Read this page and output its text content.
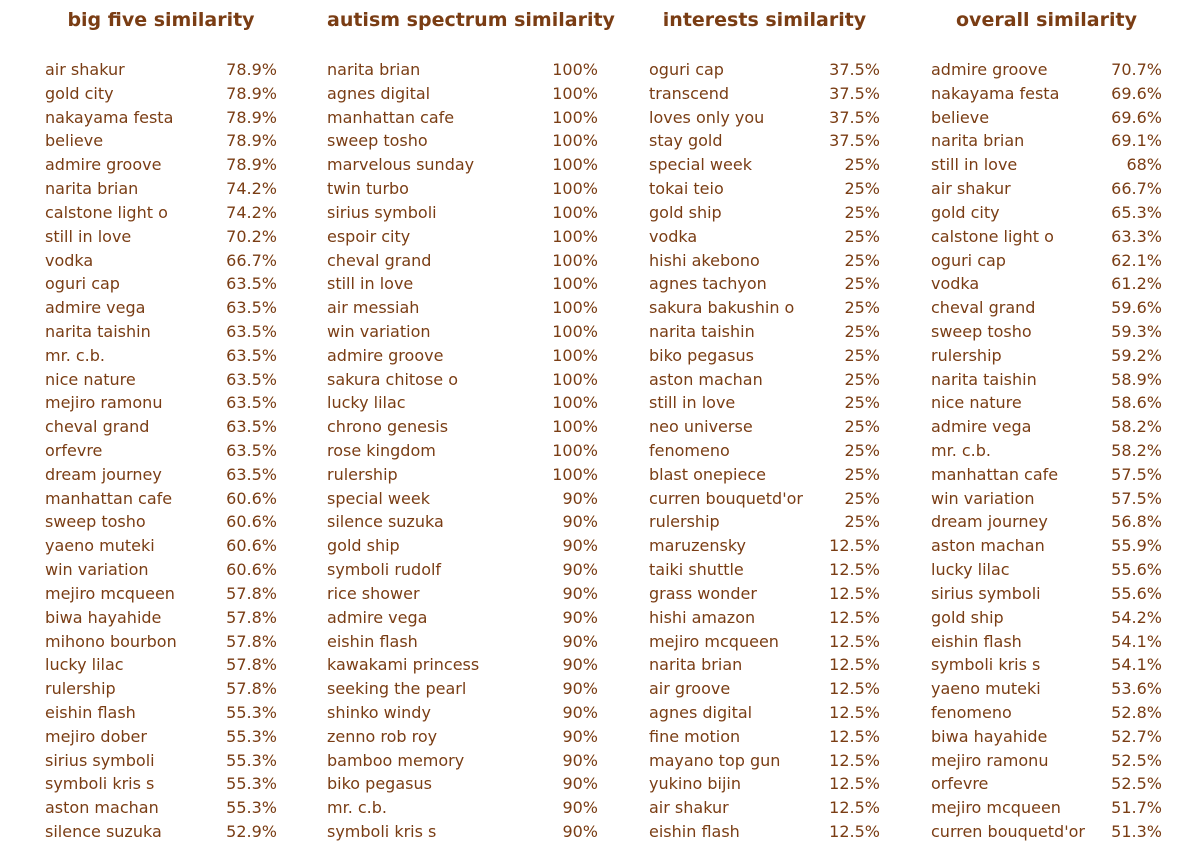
big five similarity
air shakur	78.9%
gold city	78.9%
nakayama festa	78.9%
believe	78.9%
admire groove	78.9%
narita brian	74.2%
calstone light o	74.2%
still in love	70.2%
vodka	66.7%
oguri cap	63.5%
admire vega	63.5%
narita taishin	63.5%
mr. c.b.	63.5%
nice nature	63.5%
mejiro ramonu	63.5%
cheval grand	63.5%
orfevre	63.5%
dream journey	63.5%
manhattan cafe	60.6%
sweep tosho	60.6%
yaeno muteki	60.6%
win variation	60.6%
mejiro mcqueen	57.8%
biwa hayahide	57.8%
mihono bourbon	57.8%
lucky lilac	57.8%
rulership	57.8%
eishin flash	55.3%
mejiro dober	55.3%
sirius symboli	55.3%
symboli kris s	55.3%
aston machan	55.3%
silence suzuka	52.9%
autism spectrum similarity
narita brian	100%
agnes digital	100%
manhattan cafe	100%
sweep tosho	100%
marvelous sunday	100%
twin turbo	100%
sirius symboli	100%
espoir city	100%
cheval grand	100%
still in love	100%
air messiah	100%
win variation	100%
admire groove	100%
sakura chitose o	100%
lucky lilac	100%
chrono genesis	100%
rose kingdom	100%
rulership	100%
special week	90%
silence suzuka	90%
gold ship	90%
symboli rudolf	90%
rice shower	90%
admire vega	90%
eishin flash	90%
kawakami princess	90%
seeking the pearl	90%
shinko windy	90%
zenno rob roy	90%
bamboo memory	90%
biko pegasus	90%
mr. c.b.	90%
symboli kris s	90%
interests similarity
oguri cap	37.5%
transcend	37.5%
loves only you	37.5%
stay gold	37.5%
special week	25%
tokai teio	25%
gold ship	25%
vodka	25%
hishi akebono	25%
agnes tachyon	25%
sakura bakushin o	25%
narita taishin	25%
biko pegasus	25%
aston machan	25%
still in love	25%
neo universe	25%
fenomeno	25%
blast onepiece	25%
curren bouquetd'or	25%
rulership	25%
maruzensky	12.5%
taiki shuttle	12.5%
grass wonder	12.5%
hishi amazon	12.5%
mejiro mcqueen	12.5%
narita brian	12.5%
air groove	12.5%
agnes digital	12.5%
fine motion	12.5%
mayano top gun	12.5%
yukino bijin	12.5%
air shakur	12.5%
eishin flash	12.5%
overall similarity
admire groove	70.7%
nakayama festa	69.6%
believe	69.6%
narita brian	69.1%
still in love	68%
air shakur	66.7%
gold city	65.3%
calstone light o	63.3%
oguri cap	62.1%
vodka	61.2%
cheval grand	59.6%
sweep tosho	59.3%
rulership	59.2%
narita taishin	58.9%
nice nature	58.6%
admire vega	58.2%
mr. c.b.	58.2%
manhattan cafe	57.5%
win variation	57.5%
dream journey	56.8%
aston machan	55.9%
lucky lilac	55.6%
sirius symboli	55.6%
gold ship	54.2%
eishin flash	54.1%
symboli kris s	54.1%
yaeno muteki	53.6%
fenomeno	52.8%
biwa hayahide	52.7%
mejiro ramonu	52.5%
orfevre	52.5%
mejiro mcqueen	51.7%
curren bouquetd'or 51.3%
